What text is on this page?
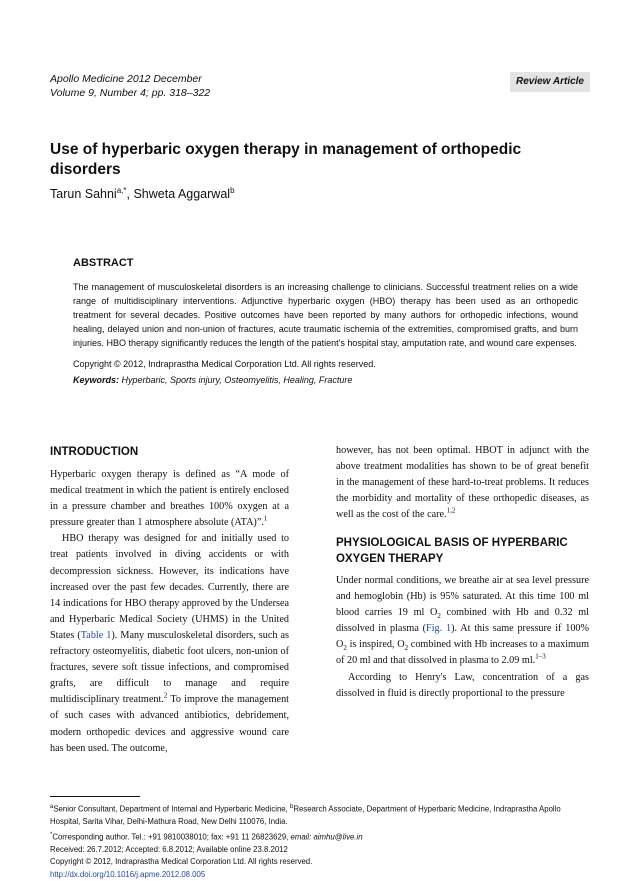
Apollo Medicine 2012 December
Volume 9, Number 4; pp. 318–322
Review Article
Use of hyperbaric oxygen therapy in management of orthopedic disorders
Tarun Sahni$^{a,*}$, Shweta Aggarwal$^b$
ABSTRACT
The management of musculoskeletal disorders is an increasing challenge to clinicians. Successful treatment relies on a wide range of multidisciplinary interventions. Adjunctive hyperbaric oxygen (HBO) therapy has been used as an orthopedic treatment for several decades. Positive outcomes have been reported by many authors for orthopedic infections, wound healing, delayed union and non-union of fractures, acute traumatic ischemia of the extremities, compromised grafts, and burn injuries. HBO therapy significantly reduces the length of the patient's hospital stay, amputation rate, and wound care expenses.
Copyright © 2012, Indraprastha Medical Corporation Ltd. All rights reserved.
Keywords: Hyperbaric, Sports injury, Osteomyelitis, Healing, Fracture
INTRODUCTION

Hyperbaric oxygen therapy is defined as “A mode of medical treatment in which the patient is entirely enclosed in a pressure chamber and breathes 100% oxygen at a pressure greater than 1 atmosphere absolute (ATA)”.$^1$

HBO therapy was designed for and initially used to treat patients involved in diving accidents or with decompression sickness. However, its indications have increased over the past few decades. Currently, there are 14 indications for HBO therapy approved by the Undersea and Hyperbaric Medical Society (UHMS) in the United States (Table 1). Many musculoskeletal disorders, such as refractory osteomyelitis, diabetic foot ulcers, non-union of fractures, severe soft tissue infections, and compromised grafts, are difficult to manage and require multidisciplinary treatment.$^2$ To improve the management of such cases with advanced antibiotics, debridement, modern orthopedic devices and aggressive wound care has been used. The outcome,

however, has not been optimal. HBOT in adjunct with the above treatment modalities has shown to be of great benefit in the management of these hard-to-treat problems. It reduces the morbidity and mortality of these orthopedic diseases, as well as the cost of the care.$^{1,2}$

PHYSIOLOGICAL BASIS OF HYPERBARIC OXYGEN THERAPY

Under normal conditions, we breathe air at sea level pressure and hemoglobin (Hb) is 95% saturated. At this time 100 ml blood carries 19 ml $O_2$ combined with Hb and 0.32 ml dissolved in plasma (Fig. 1). At this same pressure if 100% $O_2$ is inspired, $O_2$ combined with Hb increases to a maximum of 20 ml and that dissolved in plasma to 2.09 ml.$^{1-3}$

According to Henry's Law, concentration of a gas dissolved in fluid is directly proportional to the pressure

$^a$Senior Consultant, Department of Internal and Hyperbaric Medicine, $^b$Research Associate, Department of Hyperbaric Medicine, Indraprastha Apollo Hospital, Sarita Vihar, Delhi-Mathura Road, New Delhi 110076, India.

*Corresponding author. Tel.: +91 9810038010; fax: +91 11 26823629, email: aimhu@live.in

Received: 26.7.2012; Accepted: 6.8.2012; Available online 23.8.2012

Copyright © 2012, Indraprastha Medical Corporation Ltd. All rights reserved.

http://dx.doi.org/10.1016/j.apme.2012.08.005
